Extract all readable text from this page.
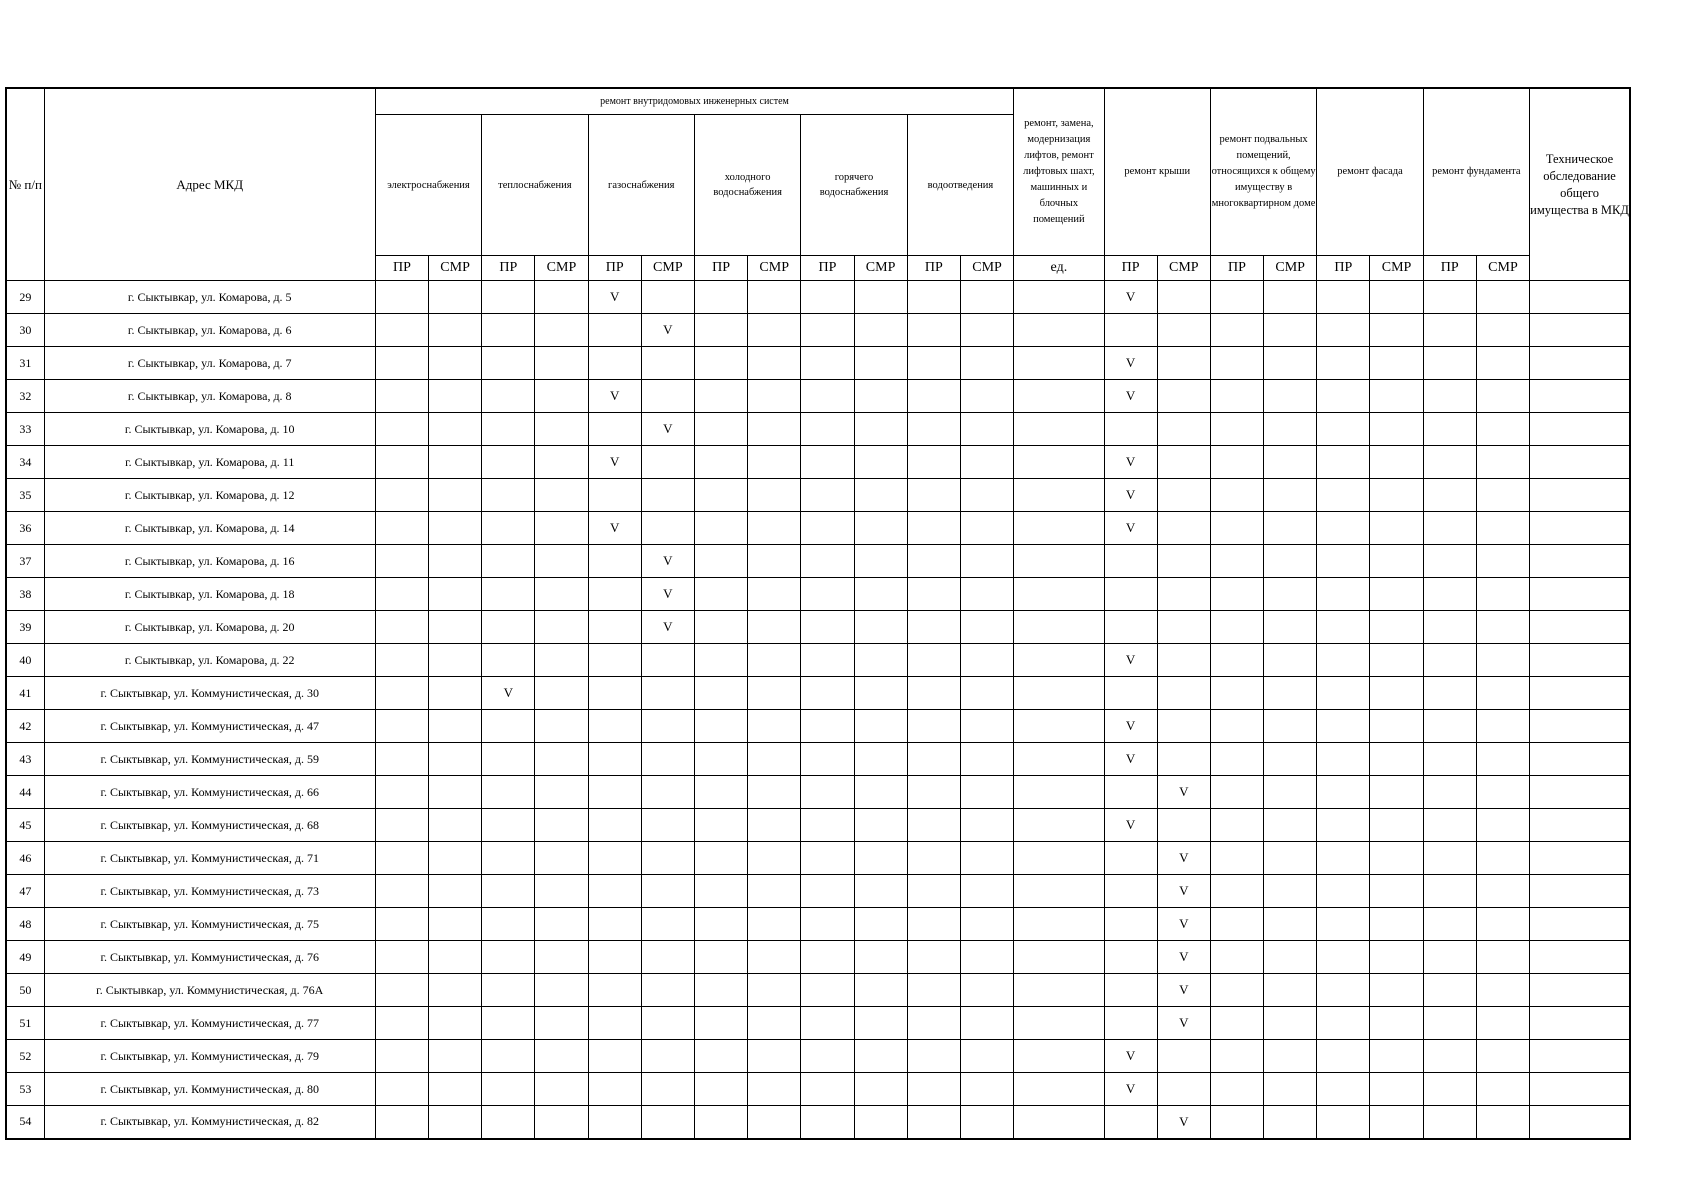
№ п/п	Адрес МКД	ремонт внутридомовых инженерных систем												ремонт, замена, модернизация лифтов, ремонт лифтовых шахт, машинных и блочных помещений	ремонт крыши		ремонт подвальных помещений, относящихся к общему имуществу в многоквартирном доме		ремонт фасада		ремонт фундамента		Техническое обследование общего имущества в МКД
		электроснабжения		теплоснабжения		газоснабжения		холодного водоснабжения		горячего водоснабжения		водоотведения											
		ПР	СМР	ПР	СМР	ПР	СМР	ПР	СМР	ПР	СМР	ПР	СМР	ед.	ПР	СМР	ПР	СМР	ПР	СМР	ПР	СМР	
29	г. Сыктывкар, ул. Комарова, д. 5					V									V								
30	г. Сыктывкар, ул. Комарова, д. 6						V																
31	г. Сыктывкар, ул. Комарова, д. 7														V								
32	г. Сыктывкар, ул. Комарова, д. 8					V									V								
33	г. Сыктывкар, ул. Комарова, д. 10						V																
34	г. Сыктывкар, ул. Комарова, д. 11					V									V								
35	г. Сыктывкар, ул. Комарова, д. 12														V								
36	г. Сыктывкар, ул. Комарова, д. 14					V									V								
37	г. Сыктывкар, ул. Комарова, д. 16						V																
38	г. Сыктывкар, ул. Комарова, д. 18						V																
39	г. Сыктывкар, ул. Комарова, д. 20						V																
40	г. Сыктывкар, ул. Комарова, д. 22														V								
41	г. Сыктывкар, ул. Коммунистическая, д. 30			V																			
42	г. Сыктывкар, ул. Коммунистическая, д. 47														V								
43	г. Сыктывкар, ул. Коммунистическая, д. 59														V								
44	г. Сыктывкар, ул. Коммунистическая, д. 66															V							
45	г. Сыктывкар, ул. Коммунистическая, д. 68														V								
46	г. Сыктывкар, ул. Коммунистическая, д. 71															V							
47	г. Сыктывкар, ул. Коммунистическая, д. 73															V							
48	г. Сыктывкар, ул. Коммунистическая, д. 75															V							
49	г. Сыктывкар, ул. Коммунистическая, д. 76															V							
50	г. Сыктывкар, ул. Коммунистическая, д. 76А															V							
51	г. Сыктывкар, ул. Коммунистическая, д. 77															V							
52	г. Сыктывкар, ул. Коммунистическая, д. 79														V								
53	г. Сыктывкар, ул. Коммунистическая, д. 80														V								
54	г. Сыктывкар, ул. Коммунистическая, д. 82															V							
